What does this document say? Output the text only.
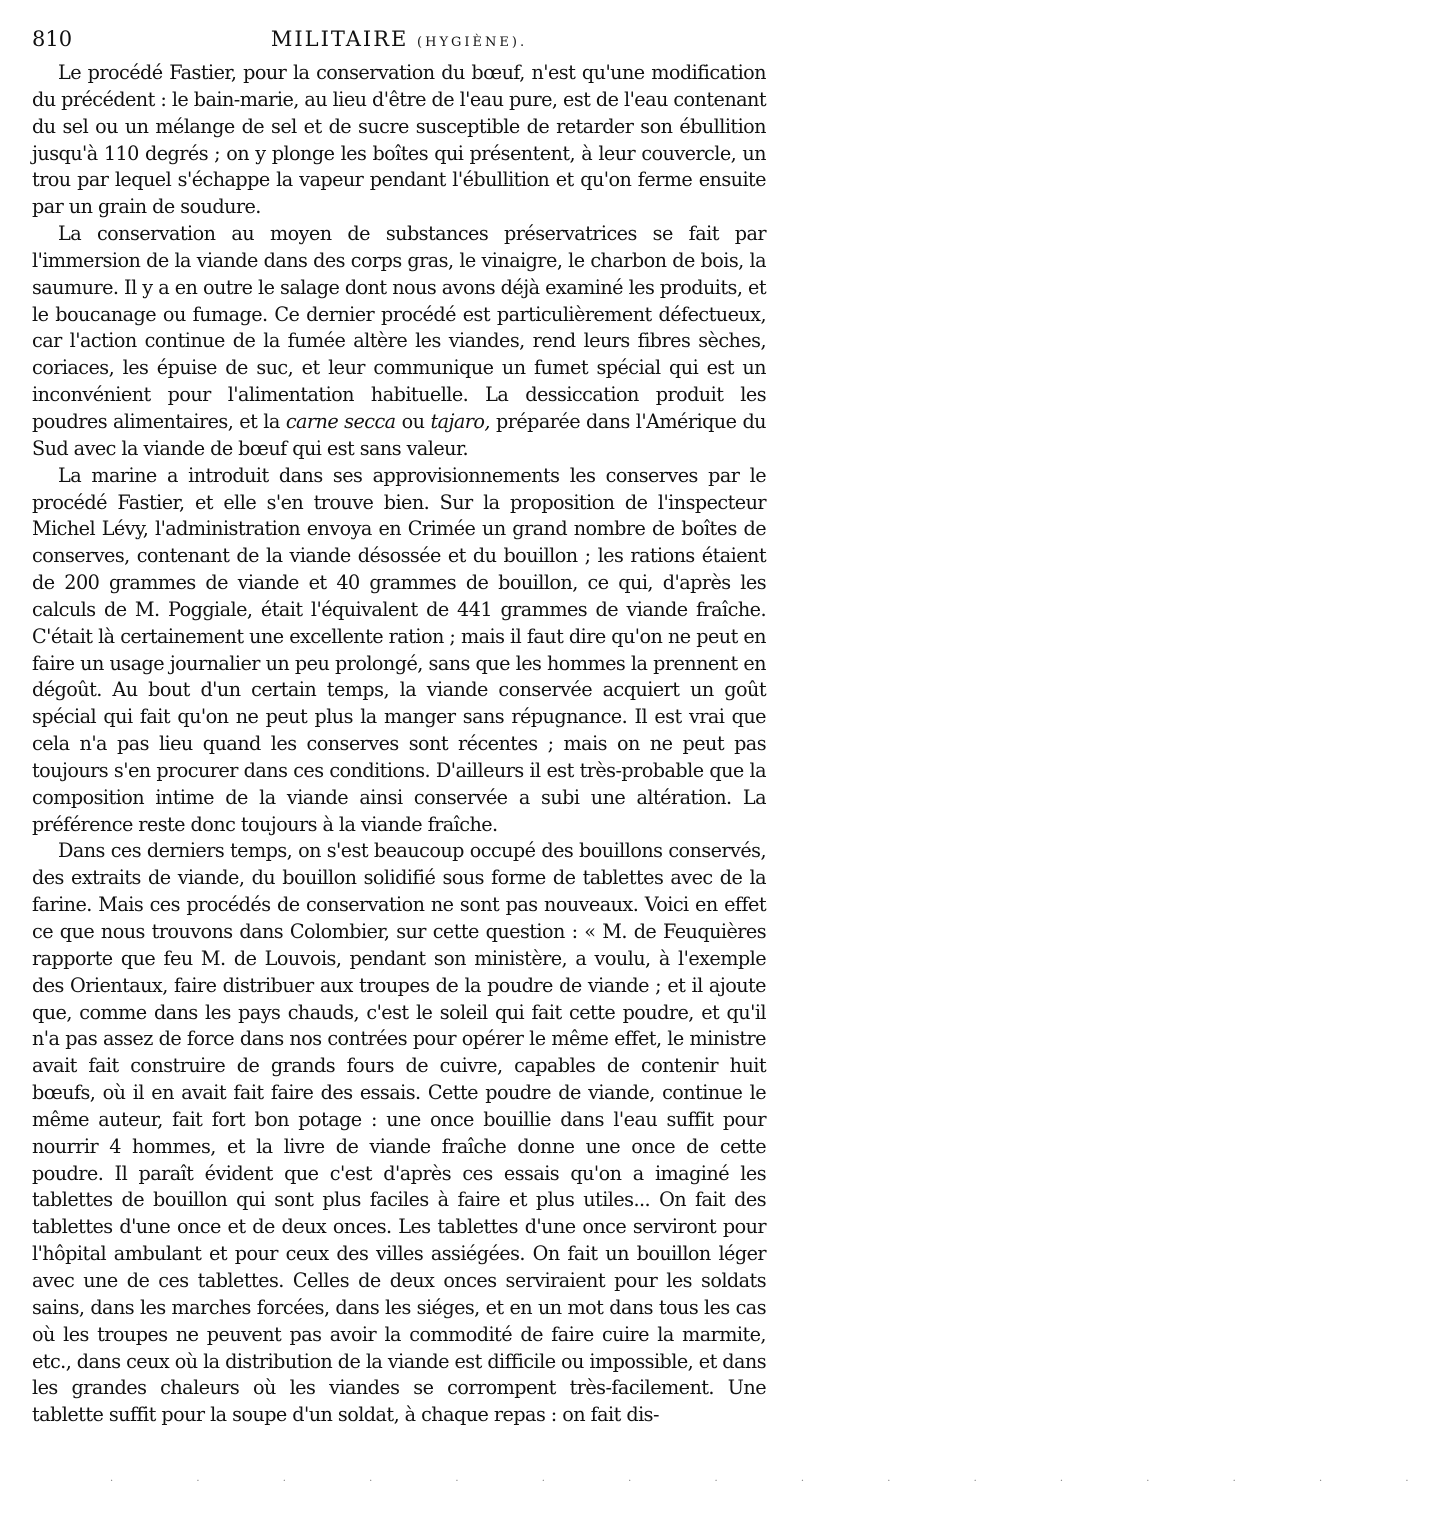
810	MILITAIRE (HYGIÈNE).

Le procédé Fastier, pour la conservation du bœuf, n'est qu'une modification du précédent : le bain-marie, au lieu d'être de l'eau pure, est de l'eau contenant du sel ou un mélange de sel et de sucre susceptible de retarder son ébullition jusqu'à 110 degrés ; on y plonge les boîtes qui présentent, à leur couvercle, un trou par lequel s'échappe la vapeur pendant l'ébullition et qu'on ferme ensuite par un grain de soudure.

La conservation au moyen de substances préservatrices se fait par l'immersion de la viande dans des corps gras, le vinaigre, le charbon de bois, la saumure. Il y a en outre le salage dont nous avons déjà examiné les produits, et le boucanage ou fumage. Ce dernier procédé est particulièrement défectueux, car l'action continue de la fumée altère les viandes, rend leurs fibres sèches, coriaces, les épuise de suc, et leur communique un fumet spécial qui est un inconvénient pour l'alimentation habituelle. La dessiccation produit les poudres alimentaires, et la carne secca ou tajaro, préparée dans l'Amérique du Sud avec la viande de bœuf qui est sans valeur.

La marine a introduit dans ses approvisionnements les conserves par le procédé Fastier, et elle s'en trouve bien. Sur la proposition de l'inspecteur Michel Lévy, l'administration envoya en Crimée un grand nombre de boîtes de conserves, contenant de la viande désossée et du bouillon ; les rations étaient de 200 grammes de viande et 40 grammes de bouillon, ce qui, d'après les calculs de M. Poggiale, était l'équivalent de 441 grammes de viande fraîche. C'était là certainement une excellente ration ; mais il faut dire qu'on ne peut en faire un usage journalier un peu prolongé, sans que les hommes la prennent en dégoût. Au bout d'un certain temps, la viande conservée acquiert un goût spécial qui fait qu'on ne peut plus la manger sans répugnance. Il est vrai que cela n'a pas lieu quand les conserves sont récentes ; mais on ne peut pas toujours s'en procurer dans ces conditions. D'ailleurs il est très-probable que la composition intime de la viande ainsi conservée a subi une altération. La préférence reste donc toujours à la viande fraîche.

Dans ces derniers temps, on s'est beaucoup occupé des bouillons conservés, des extraits de viande, du bouillon solidifié sous forme de tablettes avec de la farine. Mais ces procédés de conservation ne sont pas nouveaux. Voici en effet ce que nous trouvons dans Colombier, sur cette question : « M. de Feuquières rapporte que feu M. de Louvois, pendant son ministère, a voulu, à l'exemple des Orientaux, faire distribuer aux troupes de la poudre de viande ; et il ajoute que, comme dans les pays chauds, c'est le soleil qui fait cette poudre, et qu'il n'a pas assez de force dans nos contrées pour opérer le même effet, le ministre avait fait construire de grands fours de cuivre, capables de contenir huit bœufs, où il en avait fait faire des essais. Cette poudre de viande, continue le même auteur, fait fort bon potage : une once bouillie dans l'eau suffit pour nourrir 4 hommes, et la livre de viande fraîche donne une once de cette poudre. Il paraît évident que c'est d'après ces essais qu'on a imaginé les tablettes de bouillon qui sont plus faciles à faire et plus utiles... On fait des tablettes d'une once et de deux onces. Les tablettes d'une once serviront pour l'hôpital ambulant et pour ceux des villes assiégées. On fait un bouillon léger avec une de ces tablettes. Celles de deux onces serviraient pour les soldats sains, dans les marches forcées, dans les siéges, et en un mot dans tous les cas où les troupes ne peuvent pas avoir la commodité de faire cuire la marmite, etc., dans ceux où la distribution de la viande est difficile ou impossible, et dans les grandes chaleurs où les viandes se corrompent très-facilement. Une tablette suffit pour la soupe d'un soldat, à chaque repas : on fait dis-

· · · · · · · · · · · · · · · ·
